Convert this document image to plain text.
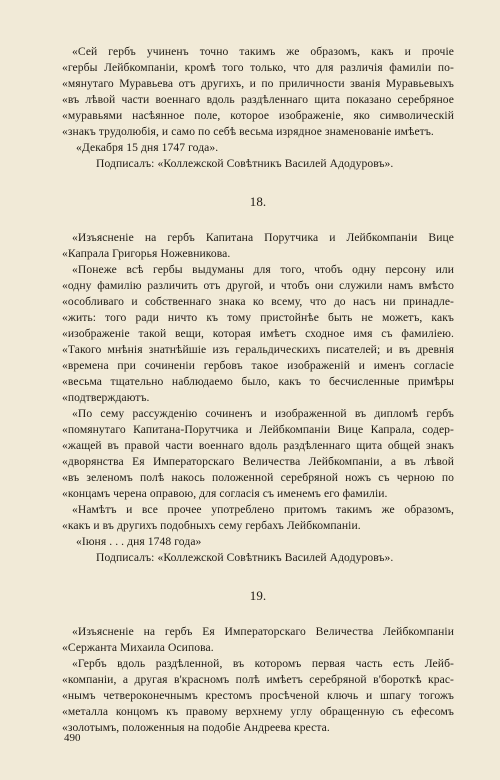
«Сей гербъ учиненъ точно такимъ же образомъ, какъ и прочіе
«гербы Лейбкомпаніи, кромѣ того только, что для различія фамиліи по-
«мянутаго Муравьева отъ другихъ, и по приличности званія Муравьевыхъ
«въ лѣвой части военнаго вдоль раздѣленнаго щита показано серебряное
«муравьями насѣянное поле, которое изображеніе, яко символическій
«знакъ трудолюбія, и само по себѣ весьма изрядное знаменованіе имѣетъ.
«Декабря 15 дня 1747 года».
Подписалъ: «Коллежской Совѣтникъ Василей Адодуровъ».
18.
«Изъясненіе на гербъ Капитана Порутчика и Лейбкомпаніи Вице
«Капрала Григорья Ножевникова.
«Понеже всѣ гербы выдуманы для того, чтобъ одну персону или
«одну фамилію различить отъ другой, и чтобъ они служили намъ вмѣсто
«особливаго и собственнаго знака ко всему, что до насъ ни принадле-
«жить: того ради ничто къ тому пристойнѣе быть не можетъ, какъ
«изображеніе такой вещи, которая имѣетъ сходное имя съ фамиліею.
«Такого мнѣнія знатнѣйшіе изъ геральдическихъ писателей; и въ древнія
«времена при сочиненіи гербовъ такое изображеній и именъ согласіе
«весьма тщательно наблюдаемо было, какъ то бесчисленные примѣры
«подтверждаютъ.
«По сему рассужденію сочиненъ и изображенной въ дипломѣ гербъ
«помянутаго Капитана-Порутчика и Лейбкомпаніи Вице Капрала, содер-
«жащей въ правой части военнаго вдоль раздѣленнаго щита общей знакъ
«дворянства Ея Императорскаго Величества Лейбкомпаніи, а въ лѣвой
«въ зеленомъ полѣ накось положенной серебряной ножъ съ черною по
«концамъ черена оправою, для согласія съ именемъ его фамиліи.
«Намѣтъ и все прочее употреблено притомъ такимъ же образомъ,
«какъ и въ другихъ подобныхъ сему гербахъ Лейбкомпаніи.
«Іюня . . . дня 1748 года»
Подписалъ: «Коллежской Совѣтникъ Василей Адодуровъ».
19.
«Изъясненіе на гербъ Ея Императорскаго Величества Лейбкомпаніи
«Сержанта Михаила Осипова.
«Гербъ вдоль раздѣленной, въ которомъ первая часть есть Лейб-
«компаніи, а другая в'красномъ полѣ имѣетъ серебряной в'бороткѣ крас-
«нымъ четвероконечнымъ крестомъ просѣченой ключь и шпагу тогожъ
«металла концомъ къ правому верхнему углу обращенную съ ефесомъ
«золотымъ, положенныя на подобіе Андреева креста.
490
